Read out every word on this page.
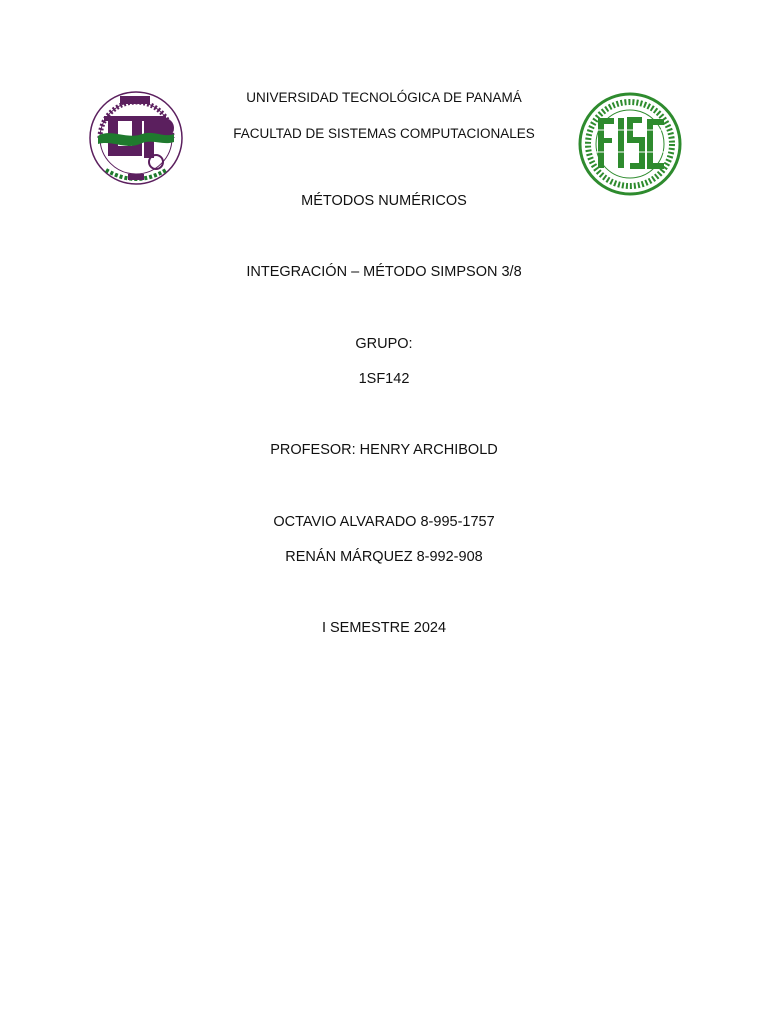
UNIVERSIDAD TECNOLÓGICA DE PANAMÁ
FACULTAD DE SISTEMAS COMPUTACIONALES
MÉTODOS NUMÉRICOS
INTEGRACIÓN – MÉTODO SIMPSON 3/8
GRUPO:
1SF142
PROFESOR: HENRY ARCHIBOLD
OCTAVIO ALVARADO 8-995-1757
RENÁN MÁRQUEZ 8-992-908
I SEMESTRE 2024
